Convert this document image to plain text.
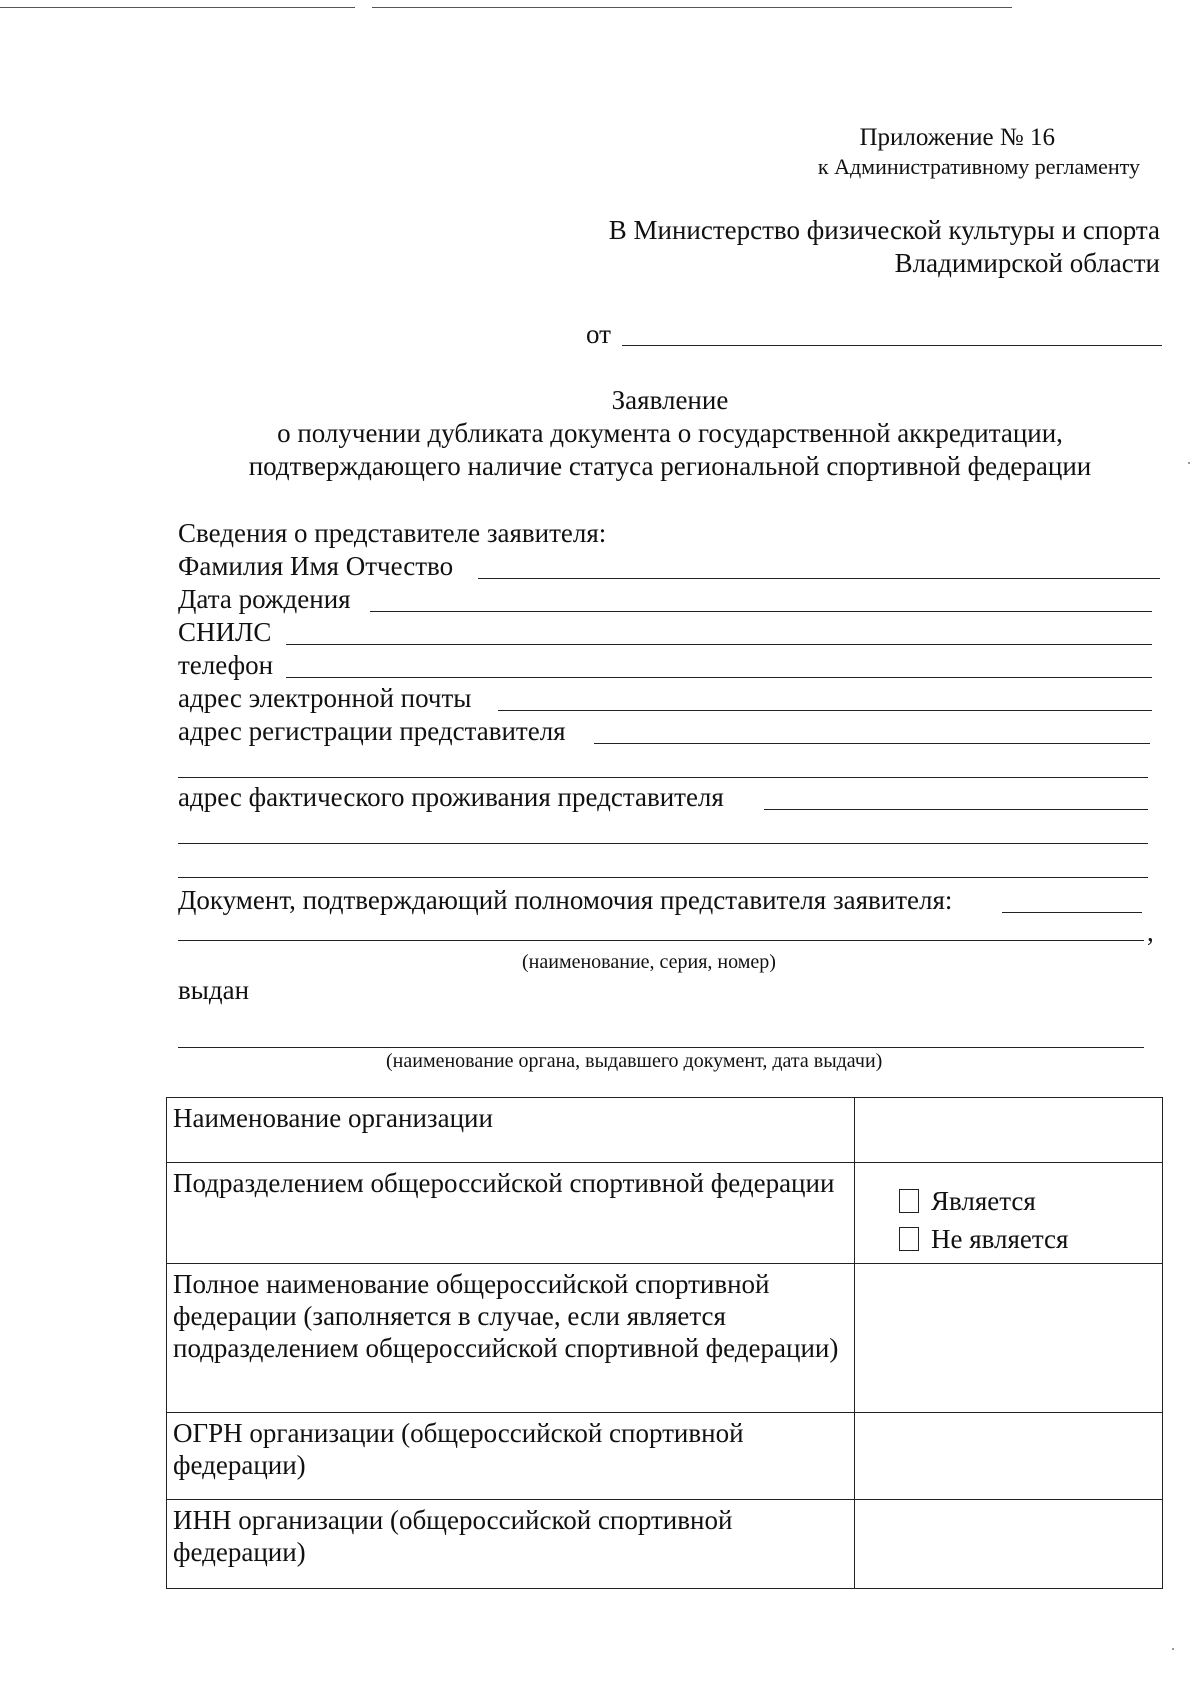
Приложение № 16
к Административному регламенту
В Министерство физической культуры и спорта
Владимирской области
от
Заявление
о получении дубликата документа о государственной аккредитации,
подтверждающего наличие статуса региональной спортивной федерации
Сведения о представителе заявителя:
Фамилия Имя Отчество
Дата рождения
СНИЛС
телефон
адрес электронной почты
адрес регистрации представителя
адрес фактического проживания представителя
Документ, подтверждающий полномочия представителя заявителя:
,
(наименование, серия, номер)
выдан
(наименование органа, выдавшего документ, дата выдачи)
Наименование организации	
Подразделением общероссийской спортивной федерации	Является
Не является

Полное наименование общероссийской спортивной федерации (заполняется в случае, если является подразделением общероссийской спортивной федерации)	
ОГРН организации (общероссийской спортивной федерации)	
ИНН организации (общероссийской спортивной федерации)	
